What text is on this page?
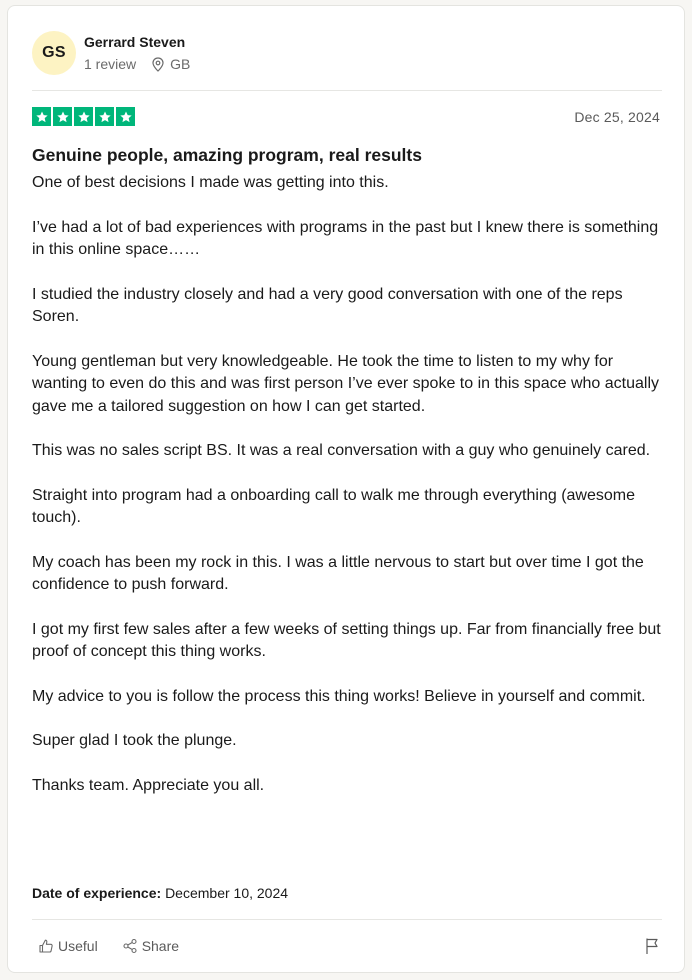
GS
Gerrard Steven
1 review GB
Dec 25, 2024
Genuine people, amazing program, real results

One of best decisions I made was getting into this.

I’ve had a lot of bad experiences with programs in the past but I knew there is something in this online space……

I studied the industry closely and had a very good conversation with one of the reps Soren.

Young gentleman but very knowledgeable. He took the time to listen to my why for wanting to even do this and was first person I’ve ever spoke to in this space who actually gave me a tailored suggestion on how I can get started.

This was no sales script BS. It was a real conversation with a guy who genuinely cared.

Straight into program had a onboarding call to walk me through everything (awesome touch).

My coach has been my rock in this. I was a little nervous to start but over time I got the confidence to push forward.

I got my first few sales after a few weeks of setting things up. Far from financially free but proof of concept this thing works.

My advice to you is follow the process this thing works! Believe in yourself and commit.

Super glad I took the plunge.

Thanks team. Appreciate you all.

Date of experience: December 10, 2024
Useful	Share
